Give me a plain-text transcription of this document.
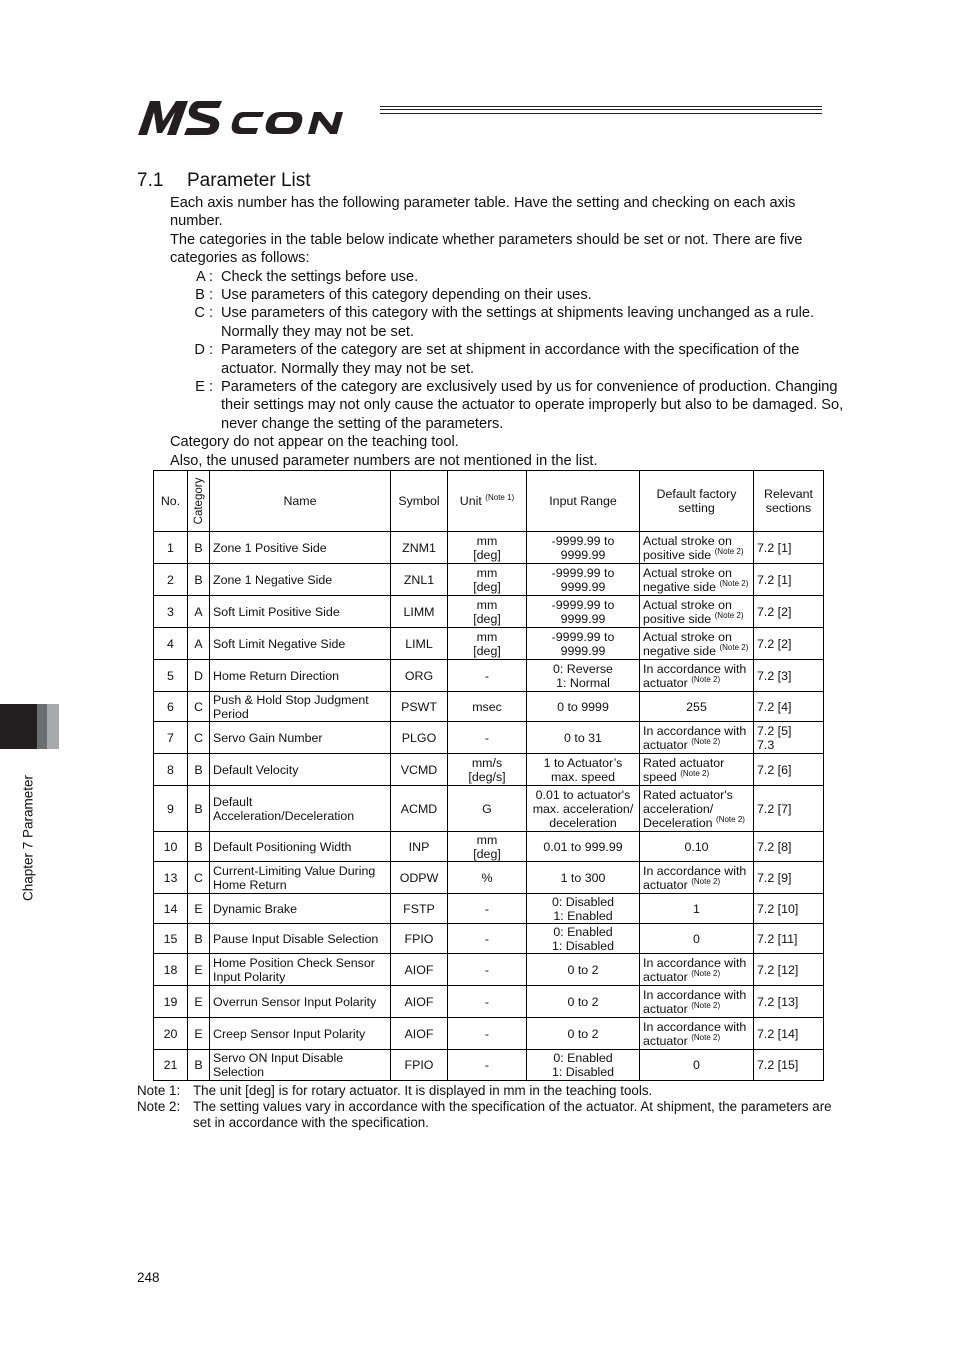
7.1 Parameter List

Each axis number has the following parameter table. Have the setting and checking on each axis number.

The categories in the table below indicate whether parameters should be set or not. There are five categories as follows:

A : Check the settings before use.
B : Use parameters of this category depending on their uses.
C : Use parameters of this category with the settings at shipments leaving unchanged as a rule. Normally they may not be set.
D : Parameters of the category are set at shipment in accordance with the specification of the actuator. Normally they may not be set.
E : Parameters of the category are exclusively used by us for convenience of production. Changing their settings may not only cause the actuator to operate improperly but also to be damaged. So, never change the setting of the parameters.

Category do not appear on the teaching tool.

Also, the unused parameter numbers are not mentioned in the list.

No.	Category	Name	Symbol	Unit $^{(Note 1)}$	Input Range	Default factory setting	Relevant sections
1	B	Zone 1 Positive Side	ZNM1	mm
[deg]	-9999.99 to
9999.99	Actual stroke on positive side $^{(Note 2)}$	7.2 [1]
2	B	Zone 1 Negative Side	ZNL1	mm
[deg]	-9999.99 to
9999.99	Actual stroke on negative side $^{(Note 2)}$	7.2 [1]
3	A	Soft Limit Positive Side	LIMM	mm
[deg]	-9999.99 to
9999.99	Actual stroke on positive side $^{(Note 2)}$	7.2 [2]
4	A	Soft Limit Negative Side	LIML	mm
[deg]	-9999.99 to
9999.99	Actual stroke on negative side $^{(Note 2)}$	7.2 [2]
5	D	Home Return Direction	ORG	-	0: Reverse
1: Normal	In accordance with actuator $^{(Note 2)}$	7.2 [3]
6	C	Push & Hold Stop Judgment Period	PSWT	msec	0 to 9999	255	7.2 [4]
7	C	Servo Gain Number	PLGO	-	0 to 31	In accordance with actuator $^{(Note 2)}$	7.2 [5]
7.3
8	B	Default Velocity	VCMD	mm/s
[deg/s]	1 to Actuator’s
max. speed	Rated actuator speed $^{(Note 2)}$	7.2 [6]
9	B	Default Acceleration/Deceleration	ACMD	G	0.01 to actuator's max. acceleration/ deceleration	Rated actuator's acceleration/ Deceleration $^{(Note 2)}$	7.2 [7]
10	B	Default Positioning Width	INP	mm
[deg]	0.01 to 999.99	0.10	7.2 [8]
13	C	Current-Limiting Value During Home Return	ODPW	%	1 to 300	In accordance with actuator $^{(Note 2)}$	7.2 [9]
14	E	Dynamic Brake	FSTP	-	0: Disabled
1: Enabled	1	7.2 [10]
15	B	Pause Input Disable Selection	FPIO	-	0: Enabled
1: Disabled	0	7.2 [11]
18	E	Home Position Check Sensor Input Polarity	AIOF	-	0 to 2	In accordance with actuator $^{(Note 2)}$	7.2 [12]
19	E	Overrun Sensor Input Polarity	AIOF	-	0 to 2	In accordance with actuator $^{(Note 2)}$	7.2 [13]
20	E	Creep Sensor Input Polarity	AIOF	-	0 to 2	In accordance with actuator $^{(Note 2)}$	7.2 [14]
21	B	Servo ON Input Disable Selection	FPIO	-	0: Enabled
1: Disabled	0	7.2 [15]
Note 1: The unit [deg] is for rotary actuator. It is displayed in mm in the teaching tools.
Note 2: The setting values vary in accordance with the specification of the actuator. At shipment, the parameters are set in accordance with the specification.
Chapter 7 Parameter
248
